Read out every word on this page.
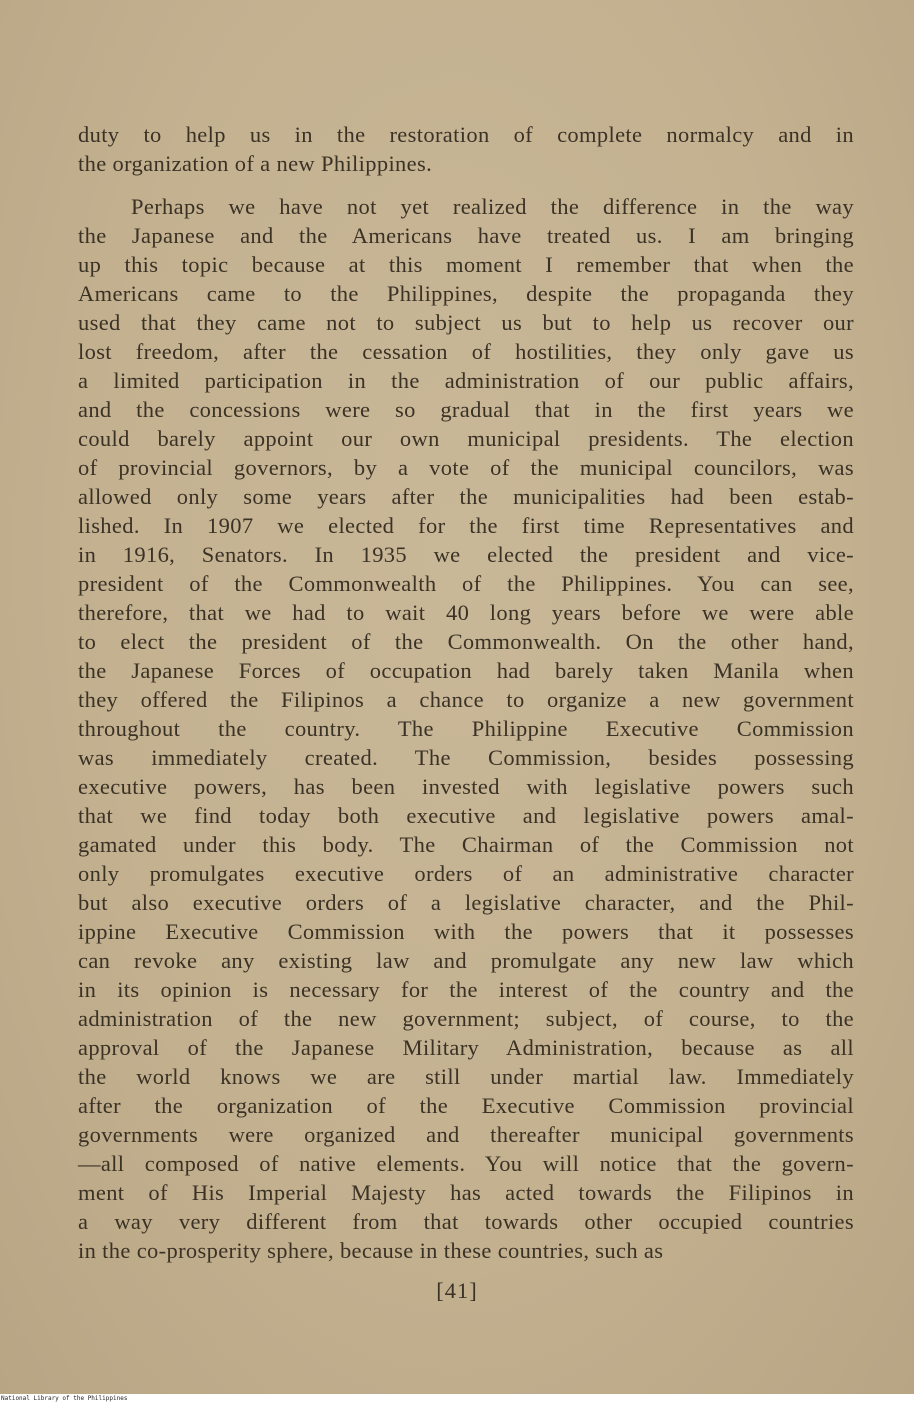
duty to help us in the restoration of complete normalcy and in

the organization of a new Philippines.

Perhaps we have not yet realized the difference in the way

the Japanese and the Americans have treated us. I am bringing

up this topic because at this moment I remember that when the

Americans came to the Philippines, despite the propaganda they

used that they came not to subject us but to help us recover our

lost freedom, after the cessation of hostilities, they only gave us

a limited participation in the administration of our public affairs,

and the concessions were so gradual that in the first years we

could barely appoint our own municipal presidents. The election

of provincial governors, by a vote of the municipal councilors, was

allowed only some years after the municipalities had been estab-

lished. In 1907 we elected for the first time Representatives and

in 1916, Senators. In 1935 we elected the president and vice-

president of the Commonwealth of the Philippines. You can see,

therefore, that we had to wait 40 long years before we were able

to elect the president of the Commonwealth. On the other hand,

the Japanese Forces of occupation had barely taken Manila when

they offered the Filipinos a chance to organize a new government

throughout the country. The Philippine Executive Commission

was immediately created. The Commission, besides possessing

executive powers, has been invested with legislative powers such

that we find today both executive and legislative powers amal-

gamated under this body. The Chairman of the Commission not

only promulgates executive orders of an administrative character

but also executive orders of a legislative character, and the Phil-

ippine Executive Commission with the powers that it possesses

can revoke any existing law and promulgate any new law which

in its opinion is necessary for the interest of the country and the

administration of the new government; subject, of course, to the

approval of the Japanese Military Administration, because as all

the world knows we are still under martial law. Immediately

after the organization of the Executive Commission provincial

governments were organized and thereafter municipal governments

—all composed of native elements. You will notice that the govern-

ment of His Imperial Majesty has acted towards the Filipinos in

a way very different from that towards other occupied countries

in the co-prosperity sphere, because in these countries, such as

[41]
National Library of the Philippines
